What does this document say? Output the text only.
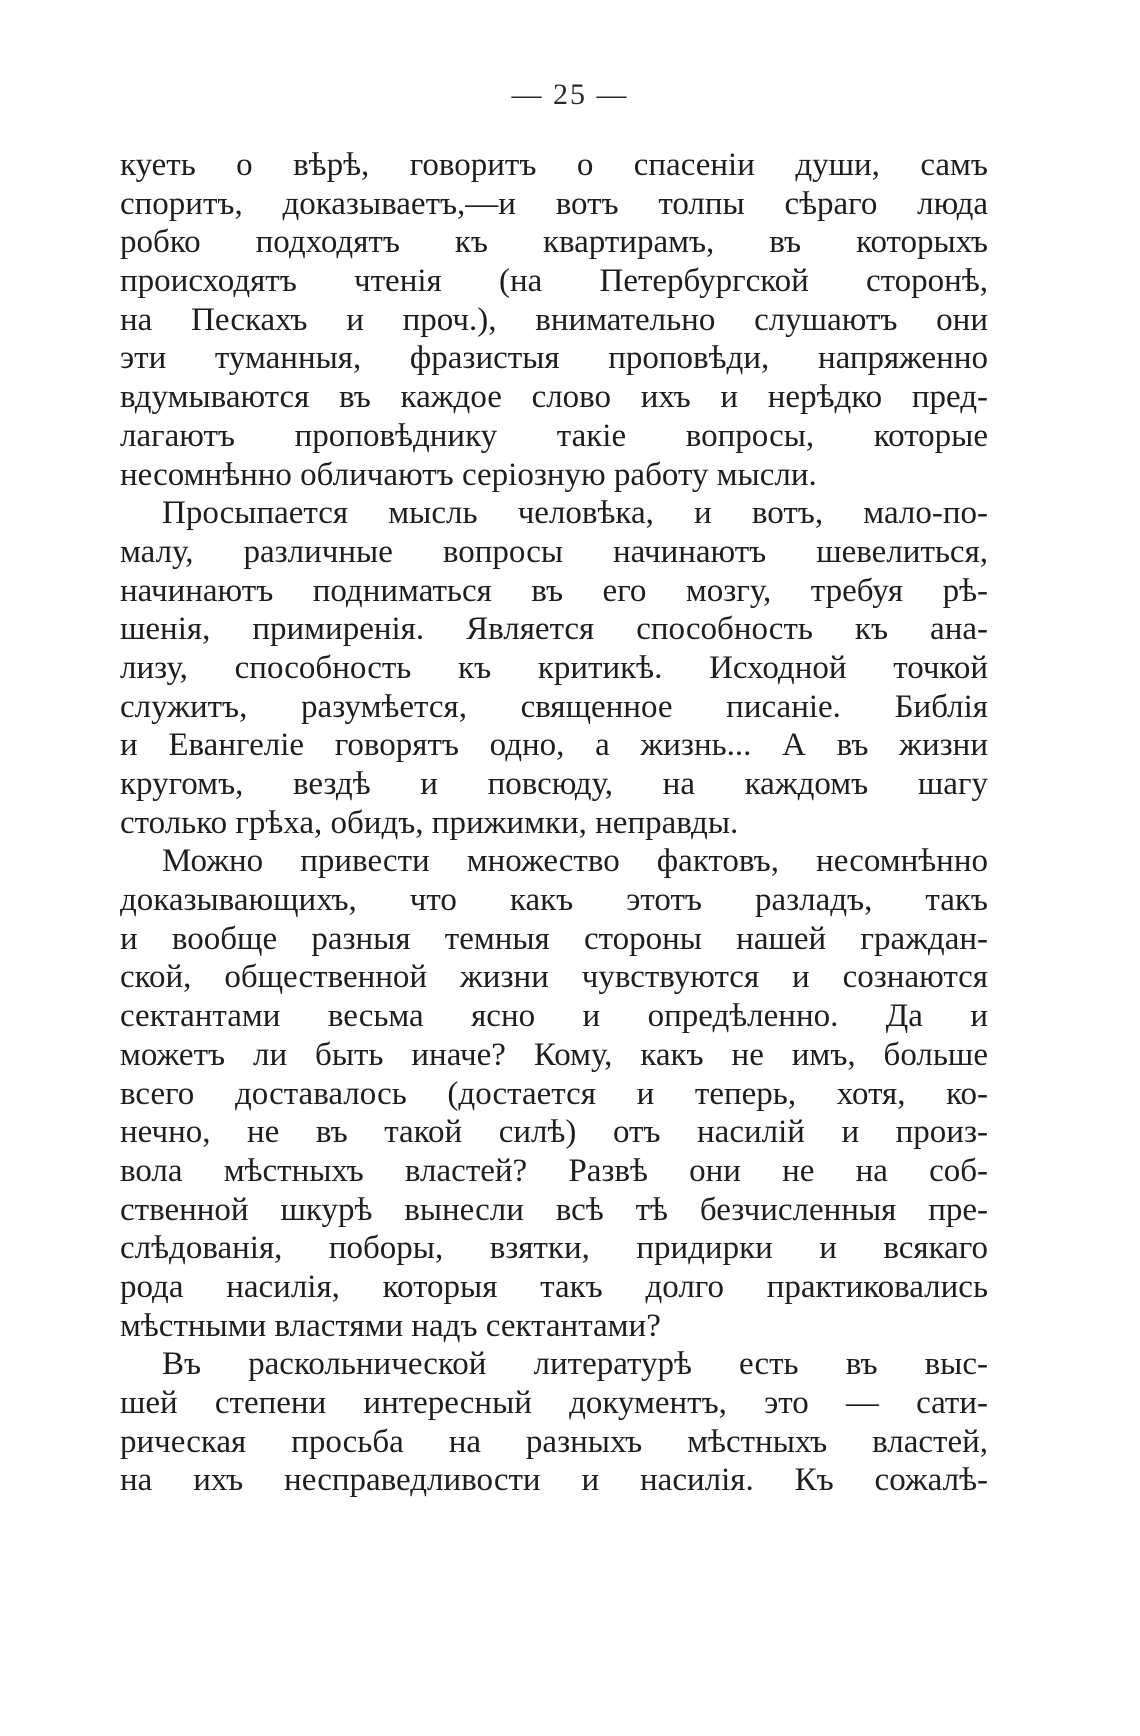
— 25 —
куеть о вѣрѣ, говоритъ о спасеніи души, самъ
споритъ, доказываетъ,—и вотъ толпы сѣраго люда
робко подходятъ къ квартирамъ, въ которыхъ
происходятъ чтенія (на Петербургской сторонѣ,
на Пескахъ и проч.), внимательно слушаютъ они
эти туманныя, фразистыя проповѣди, напряженно
вдумываются въ каждое слово ихъ и нерѣдко пред-
лагаютъ проповѣднику такіе вопросы, которые
несомнѣнно обличаютъ серіозную работу мысли.
Просыпается мысль человѣка, и вотъ, мало-по-
малу, различные вопросы начинаютъ шевелиться,
начинаютъ подниматься въ его мозгу, требуя рѣ-
шенія, примиренія. Является способность къ ана-
лизу, способность къ критикѣ. Исходной точкой
служитъ, разумѣется, священное писаніе. Библія
и Евангеліе говорятъ одно, а жизнь... А въ жизни
кругомъ, вездѣ и повсюду, на каждомъ шагу
столько грѣха, обидъ, прижимки, неправды.
Можно привести множество фактовъ, несомнѣнно
доказывающихъ, что какъ этотъ разладъ, такъ
и вообще разныя темныя стороны нашей граждан-
ской, общественной жизни чувствуются и сознаются
сектантами весьма ясно и опредѣленно. Да и
можетъ ли быть иначе? Кому, какъ не имъ, больше
всего доставалось (достается и теперь, хотя, ко-
нечно, не въ такой силѣ) отъ насилій и произ-
вола мѣстныхъ властей? Развѣ они не на соб-
ственной шкурѣ вынесли всѣ тѣ безчисленныя пре-
слѣдованія, поборы, взятки, придирки и всякаго
рода насилія, которыя такъ долго практиковались
мѣстными властями надъ сектантами?
Въ раскольнической литературѣ есть въ выс-
шей степени интересный документъ, это — сати-
рическая просьба на разныхъ мѣстныхъ властей,
на ихъ несправедливости и насилія. Къ сожалѣ-
